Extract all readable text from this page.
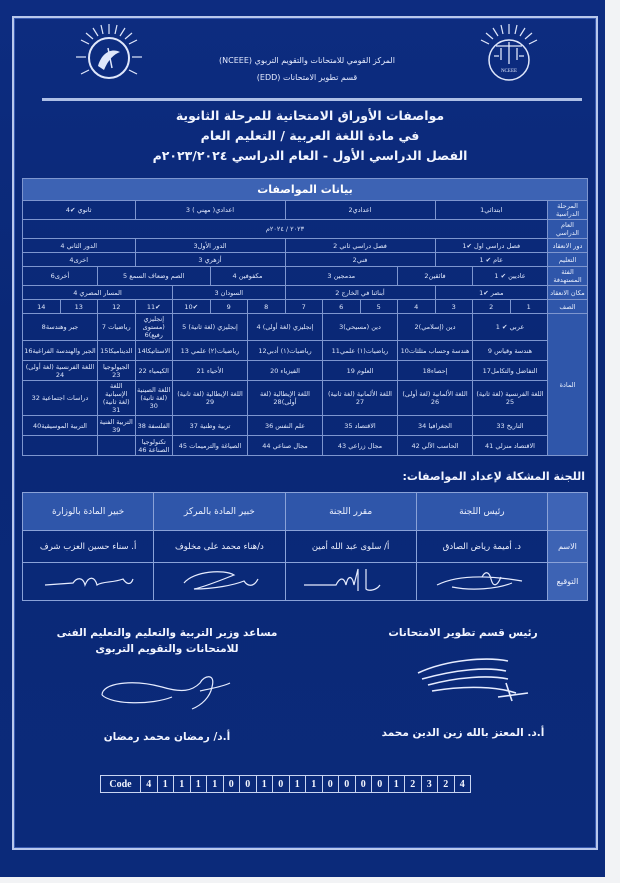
المركز القومي للامتحانات والتقويم التربوي (NCEEE)
قسم تطوير الامتحانات (EDD)
NCEEE
مواصفات الأوراق الامتحانية للمرحلة الثانوية
في مادة اللغة العربية / التعليم العام
الفصل الدراسي الأول - العام الدراسي ٢٠٢٣/٢٠٢٤م
بيانات المواصفات														
المرحلة الدراسية	ابتدائي1			اعدادي2				اعدادي( مهني ) 3				ثانوي ✔4		
العام الدراسي	٢٠٢٣ / ٢٠٢٤م													
دور الانعقاد	فصل دراسي اول ✔1			فصل دراسي ثاني 2				الدور الأول3				الدور الثاني 4		
التعليم	عام ✔ 1			فني2				أزهري 3				اخرى4		
الفئة المستهدفة	عاديين ✔ 1		فائقين2		مدمجين 3			مكفوفين 4		الصم وضعاف السمع 5			أخرى6	
مكان الانعقاد	مصر ✔1			أبنائنا في الخارج 2				السودان 3			المسار المصري 4			
الصف	1	2	3	4	5	6	7	8	9	✔10	✔11	12	13	14
المادة	عربي ✔ 1		دين (إسلامي)2		دين (مسيحي)3		إنجليزي (لغة أولى) 4		إنجليزي (لغة ثانية) 5		إنجليزي (مستوى رفيع)6	رياضيات 7	جبر وهندسة8	
	هندسة وقياس 9		هندسة وحساب مثلثات10		رياضيات(١) علمي11		رياضيات(١) أدبي12		رياضيات(٢) علمي 13		الاستاتيكا14	الديناميكا15	الجبر والهندسة الفراغية16	
	التفاضل والتكامل17		إحصاء18		العلوم 19		الفيزياء 20		الأحياء 21		الكيمياء 22	الجيولوجيا 23	اللغة الفرنسية (لغة أولى) 24	
	اللغة الفرنسية (لغة ثانية) 25		اللغة الألمانية (لغة أولى) 26		اللغة الألمانية (لغة ثانية) 27		اللغة الإيطالية (لغة أولى)28		اللغة الإيطالية (لغة ثانية) 29		اللغة الصينية (لغة ثانية) 30	اللغة الإسبانية (لغة ثانية) 31	دراسات اجتماعية 32	
	التاريخ 33		الجغرافيا 34		الاقتصاد 35		علم النفس 36		تربية وطنية 37		الفلسفة 38	التربية الفنية 39	التربية الموسيقية40	
	الاقتصاد منزلي 41		الحاسب الآلي 42		مجال زراعي 43		مجال صناعي 44		الصياغة والترميمات 45		تكنولوجيا الصناعة 46			
اللجنة المشكلة لإعداد المواصفات:
	رئيس اللجنة	مقرر اللجنة	خبير المادة بالمركز	خبير المادة بالوزارة
الاسم	د. أميمة رياض الصادق	أ/ سلوى عبد الله أمين	د/هناء محمد على مخلوف	أ. سناء حسين العزب شرف
التوقيع				
رئيس قسم تطوير الامتحانات
أ.د. المعتز بالله زين الدين محمد
مساعد وزير التربية والتعليم والتعليم الفنى
للامتحانات والتقويم التربوى
أ.د/ رمضان محمد رمضان
Code	4	1	1	1	1	0	0	1	0	1	1	0	0	0	0	1	2	3	2	4
